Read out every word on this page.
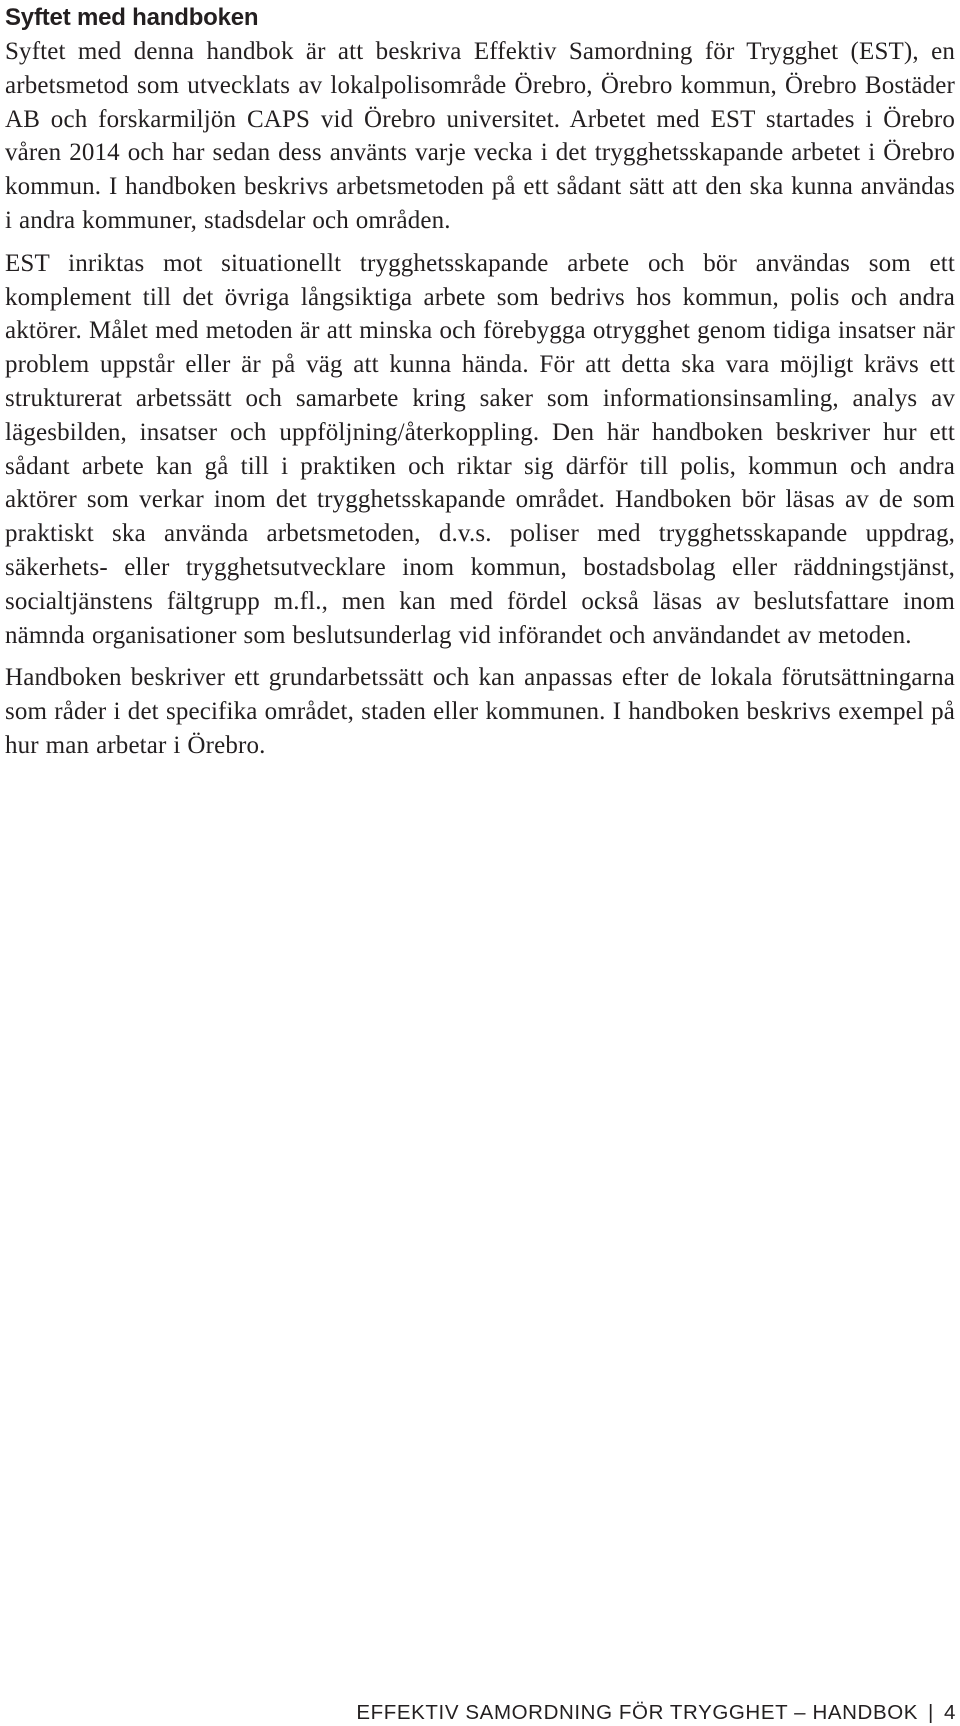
Syftet med handboken

Syftet med denna handbok är att beskriva Effektiv Samordning för Trygghet (EST), en arbetsmetod som utvecklats av lokalpolisområde Örebro, Örebro kommun, Örebro Bostäder AB och forskarmiljön CAPS vid Örebro universitet. Arbetet med EST startades i Örebro våren 2014 och har sedan dess använts varje vecka i det trygghetsskapande arbetet i Örebro kommun. I handboken beskrivs arbetsmetoden på ett sådant sätt att den ska kunna användas i andra kommuner, stadsdelar och områden.

EST inriktas mot situationellt trygghetsskapande arbete och bör användas som ett komplement till det övriga långsiktiga arbete som bedrivs hos kommun, polis och andra aktörer. Målet med metoden är att minska och förebygga otrygghet genom tidiga insatser när problem uppstår eller är på väg att kunna hända. För att detta ska vara möjligt krävs ett strukturerat arbetssätt och samarbete kring saker som informationsinsamling, analys av lägesbilden, insatser och uppföljning/återkoppling. Den här handboken beskriver hur ett sådant arbete kan gå till i praktiken och riktar sig därför till polis, kommun och andra aktörer som verkar inom det trygghetsskapande området. Handboken bör läsas av de som praktiskt ska använda arbetsmetoden, d.v.s. poliser med trygghetsskapande uppdrag, säkerhets- eller trygghetsutvecklare inom kommun, bostadsbolag eller räddningstjänst, socialtjänstens fältgrupp m.fl., men kan med fördel också läsas av beslutsfattare inom nämnda organisationer som beslutsunderlag vid införandet och användandet av metoden.

Handboken beskriver ett grundarbetssätt och kan anpassas efter de lokala förutsättningarna som råder i det specifika området, staden eller kommunen. I handboken beskrivs exempel på hur man arbetar i Örebro.

EFFEKTIV SAMORDNING FÖR TRYGGHET – HANDBOK | 4
